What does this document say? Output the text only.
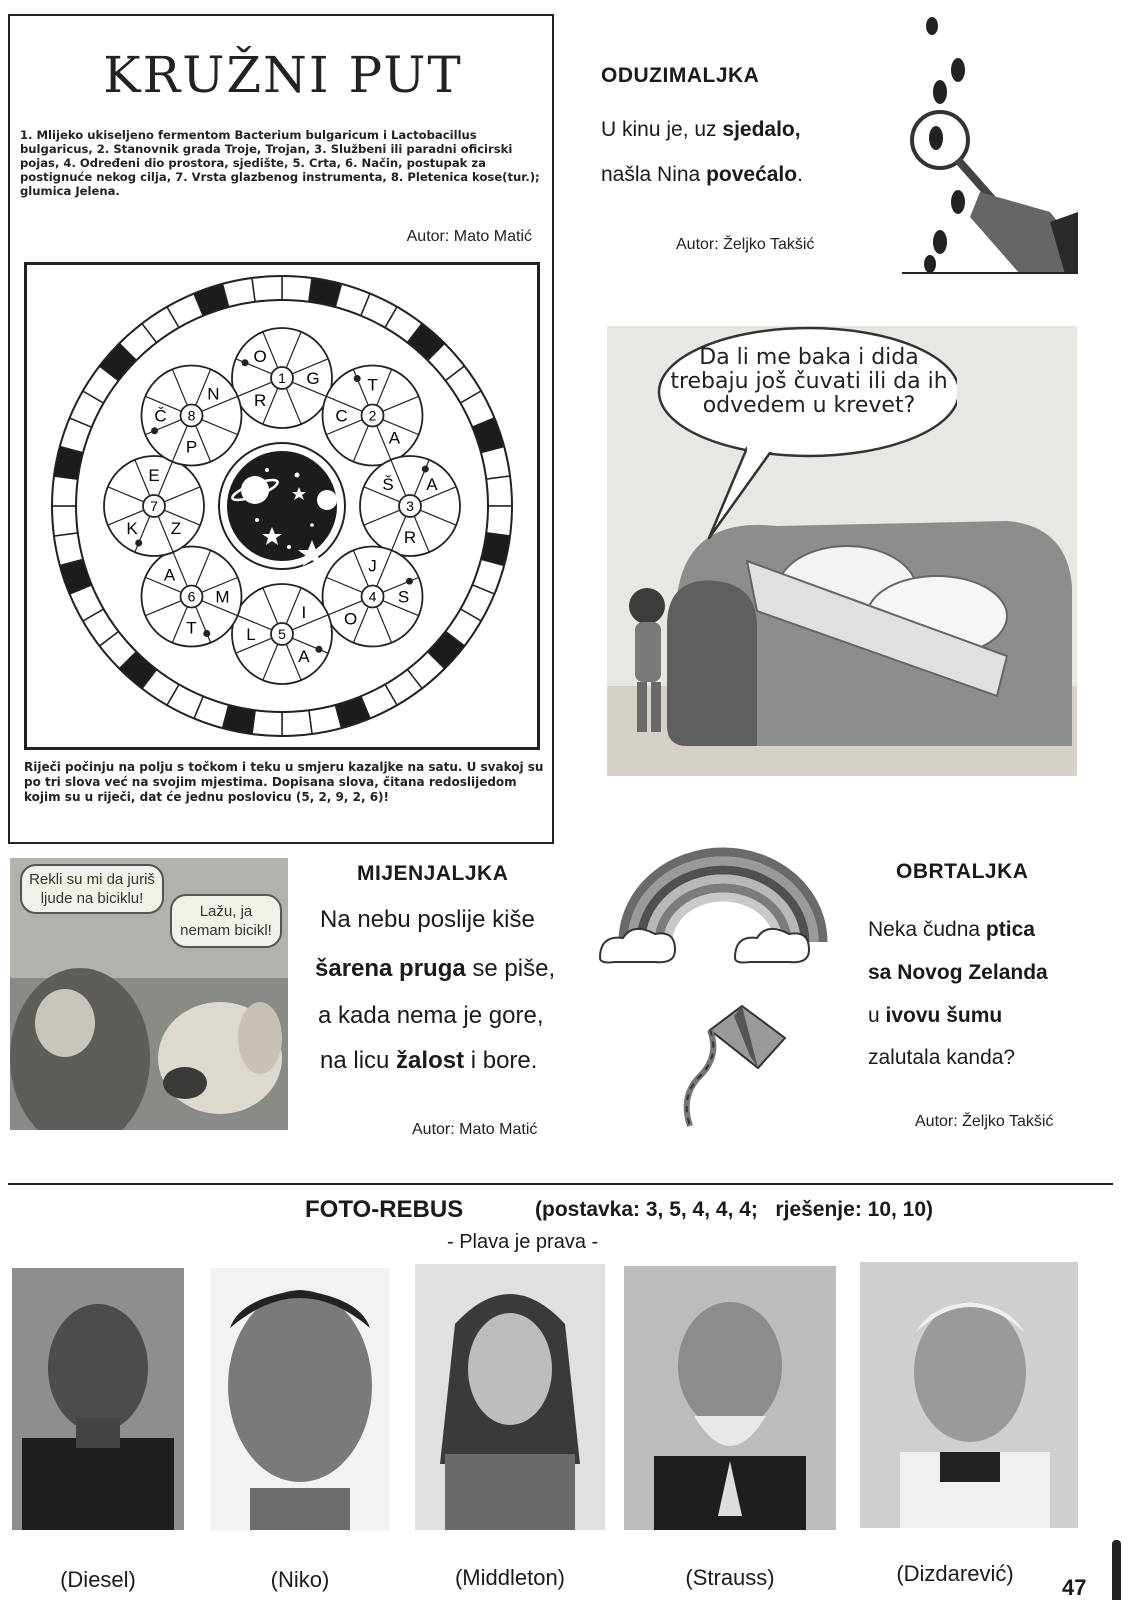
KRUŽNI PUT
1. Mlijeko ukiseljeno fermentom Bacterium bulgaricum i Lactobacillus bulgaricus, 2. Stanovnik grada Troje, Trojan, 3. Službeni ili paradni oficirski pojas, 4. Određeni dio prostora, sjedište, 5. Crta, 6. Način, postupak za postignuće nekog cilja, 7. Vrsta glazbenog instrumenta, 8. Pletenica kose(tur.); glumica Jelena.
Autor: Mato Matić
1
R
O
G
2
C
T
A
3
Š A
R
4
J
S
O
5
I
A
L
6 M
T
A
7
Z
K
E
8
P
Č
N
Riječi počinju na polju s točkom i teku u smjeru kazaljke na satu. U svakoj su po tri slova već na svojim mjestima. Dopisana slova, čitana redoslijedom kojim su u riječi, dat će jednu poslovicu (5, 2, 9, 2, 6)!
ODUZIMALJKA
U kinu je, uz sjedalo,
našla Nina povećalo.
Autor: Željko Takšić
Da li me baka i dida trebaju još čuvati ili da ih odvedem u krevet?
Rekli su mi da juriš ljude na biciklu!
Lažu, ja nemam bicikl!
MIJENJALJKA
Na nebu poslije kiše
šarena pruga se piše,
a kada nema je gore,
na licu žalost i bore.
Autor: Mato Matić
OBRTALJKA
Neka čudna ptica
sa Novog Zelanda
u ivovu šumu
zalutala kanda?
Autor: Željko Takšić
FOTO-REBUS	(postavka: 3, 5, 4, 4, 4;   rješenje: 10, 10)
- Plava je prava -
(Diesel)	(Niko)	(Middleton)	(Strauss)	(Dizdarević)
47
